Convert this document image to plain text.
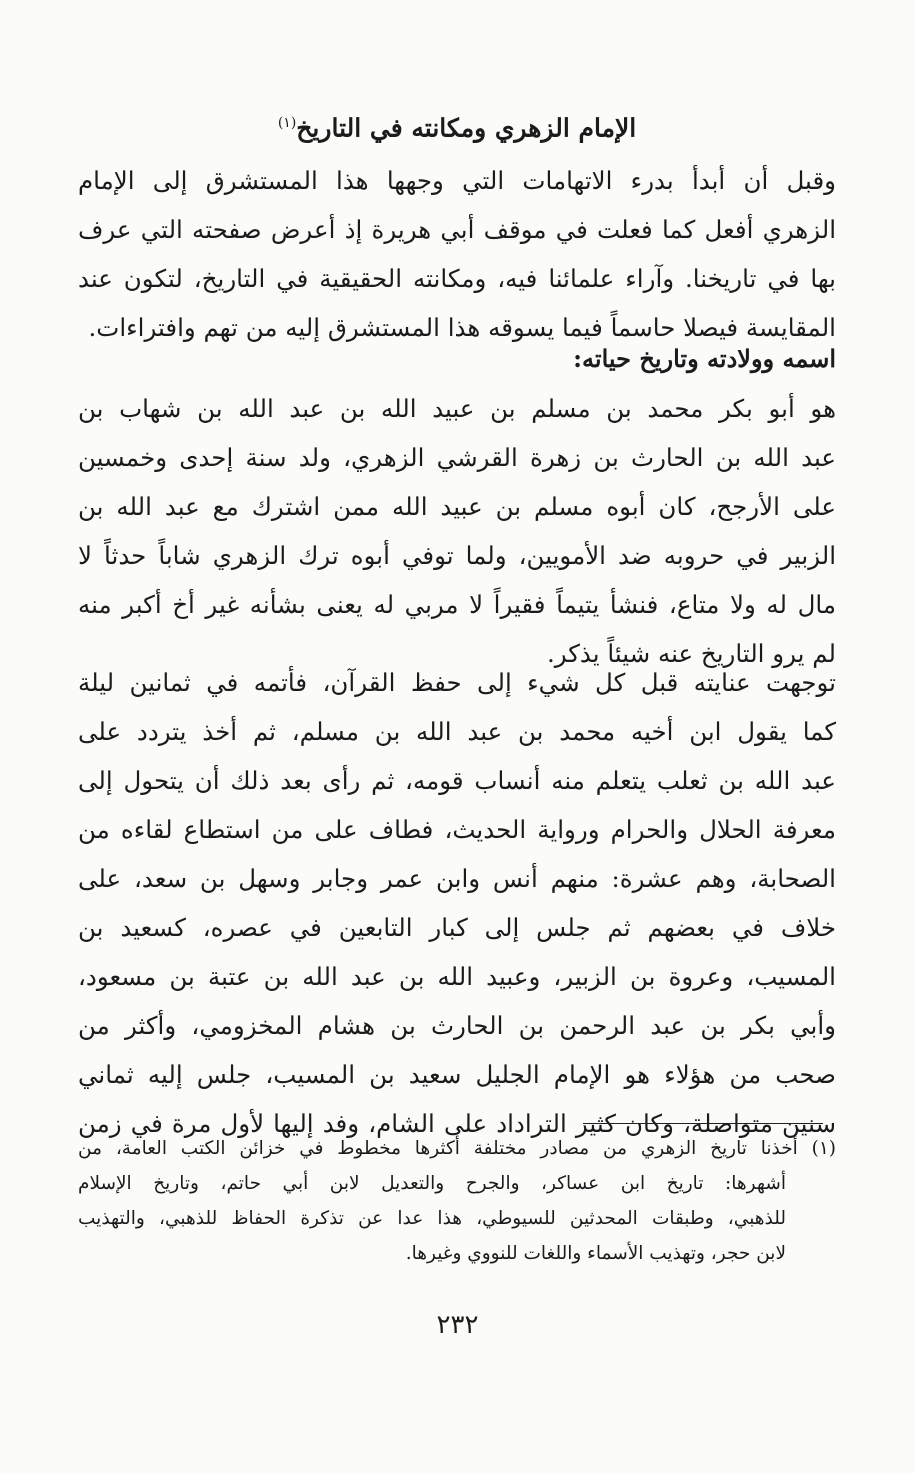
الإمام الزهري ومكانته في التاريخ$^{(١)}$
وقبل أن أبدأ بدرء الاتهامات التي وجهها هذا المستشرق إلى الإمام
الزهري أفعل كما فعلت في موقف أبي هريرة إذ أعرض صفحته التي عرف
بها في تاريخنا. وآراء علمائنا فيه، ومكانته الحقيقية في التاريخ، لتكون عند
المقايسة فيصلا حاسماً فيما يسوقه هذا المستشرق إليه من تهم وافتراءات.
اسمه وولادته وتاريخ حياته:
هو أبو بكر محمد بن مسلم بن عبيد الله بن عبد الله بن شهاب بن
عبد الله بن الحارث بن زهرة القرشي الزهري، ولد سنة إحدى وخمسين
على الأرجح، كان أبوه مسلم بن عبيد الله ممن اشترك مع عبد الله بن
الزبير في حروبه ضد الأمويين، ولما توفي أبوه ترك الزهري شاباً حدثاً لا
مال له ولا متاع، فنشأ يتيماً فقيراً لا مربي له يعنى بشأنه غير أخ أكبر منه
لم يرو التاريخ عنه شيئاً يذكر.
توجهت عنايته قبل كل شيء إلى حفظ القرآن، فأتمه في ثمانين ليلة
كما يقول ابن أخيه محمد بن عبد الله بن مسلم، ثم أخذ يتردد على
عبد الله بن ثعلب يتعلم منه أنساب قومه، ثم رأى بعد ذلك أن يتحول إلى
معرفة الحلال والحرام ورواية الحديث، فطاف على من استطاع لقاءه من
الصحابة، وهم عشرة: منهم أنس وابن عمر وجابر وسهل بن سعد، على
خلاف في بعضهم ثم جلس إلى كبار التابعين في عصره، كسعيد بن
المسيب، وعروة بن الزبير، وعبيد الله بن عبد الله بن عتبة بن مسعود،
وأبي بكر بن عبد الرحمن بن الحارث بن هشام المخزومي، وأكثر من
صحب من هؤلاء هو الإمام الجليل سعيد بن المسيب، جلس إليه ثماني
سنين متواصلة، وكان كثير التراداد على الشام، وفد إليها لأول مرة في زمن
(١) أخذنا تاريخ الزهري من مصادر مختلفة أكثرها مخطوط في خزائن الكتب العامة، من
أشهرها: تاريخ ابن عساكر، والجرح والتعديل لابن أبي حاتم، وتاريخ الإسلام
للذهبي، وطبقات المحدثين للسيوطي، هذا عدا عن تذكرة الحفاظ للذهبي، والتهذيب
لابن حجر، وتهذيب الأسماء واللغات للنووي وغيرها.
٢٣٢
